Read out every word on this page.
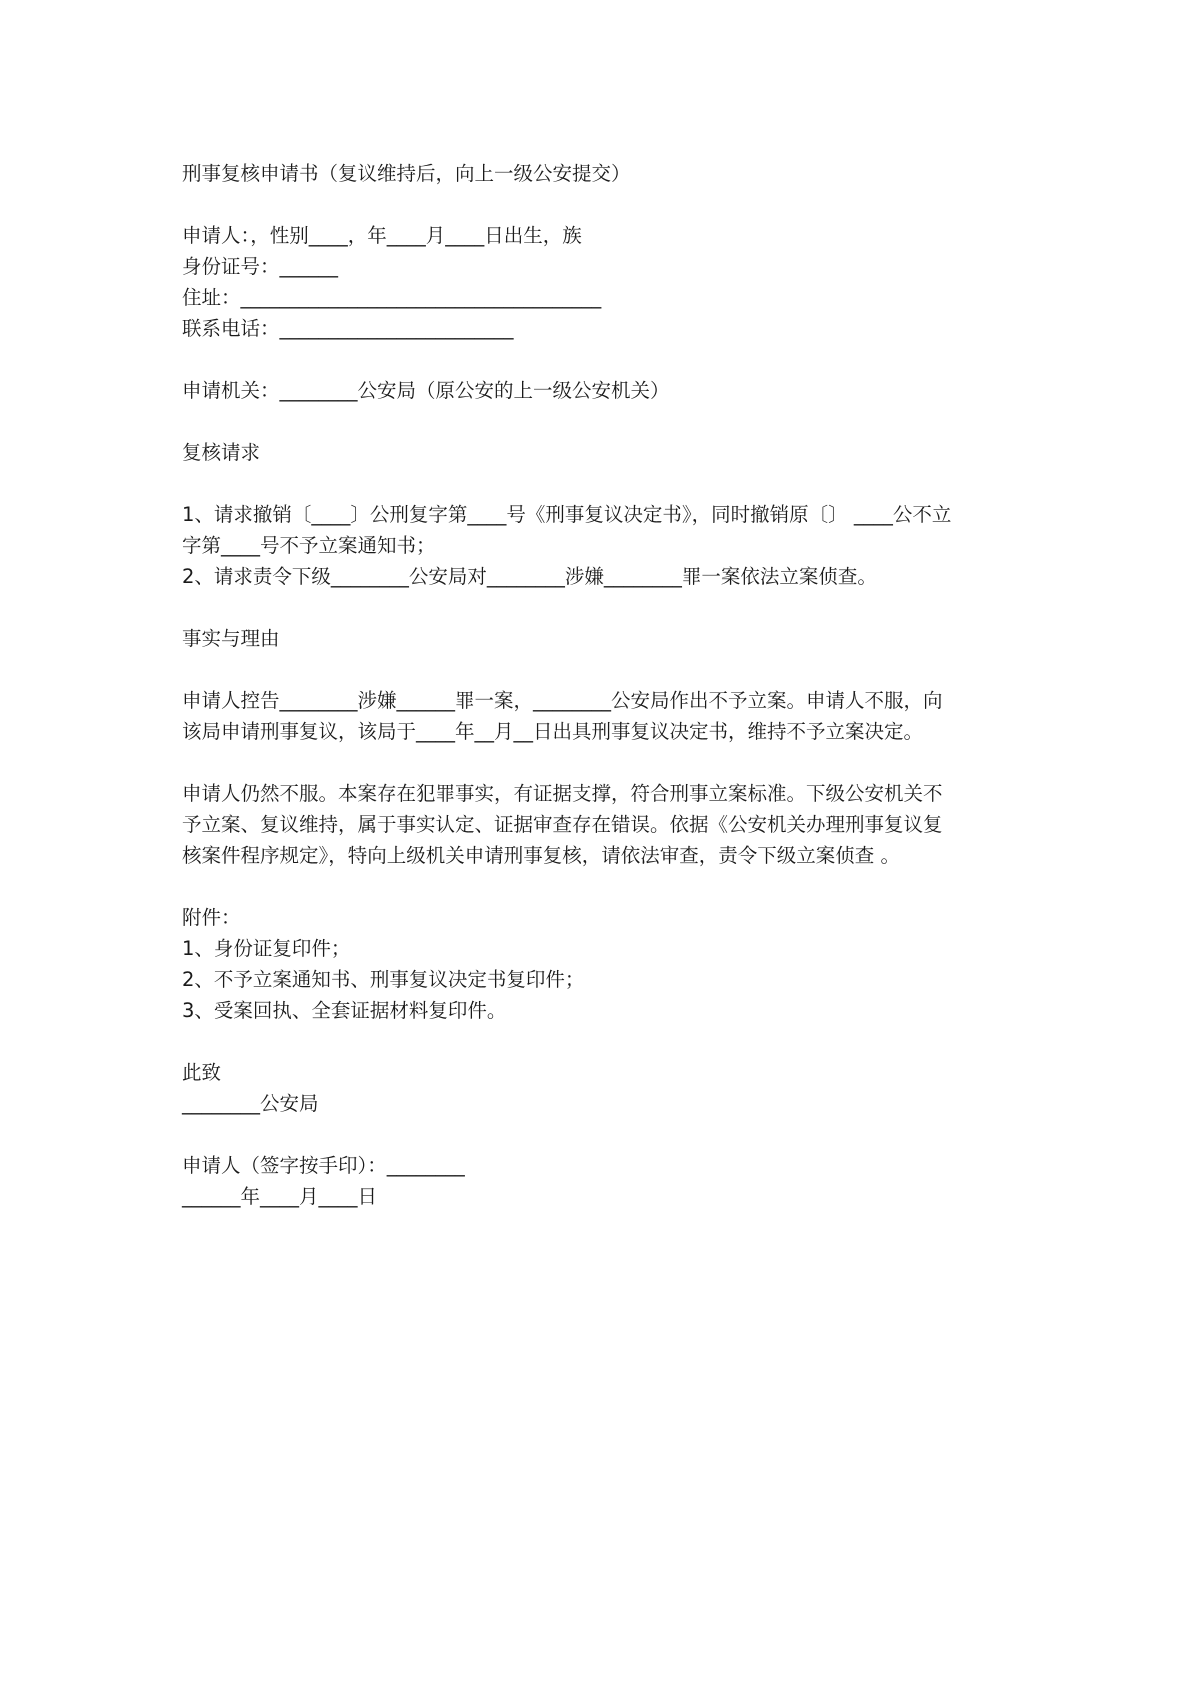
刑事复核申请书（复议维持后，向上一级公安提交）

申请人：，性别____，年____月____日出生，族

身份证号：______

住址：_____________________________________

联系电话：________________________

申请机关：________公安局（原公安的上一级公安机关）

复核请求

1、请求撤销〔____〕公刑复字第____号《刑事复议决定书》，同时撤销原〔〕 ____公不立

字第____号不予立案通知书；

2、请求责令下级________公安局对________涉嫌________罪一案依法立案侦查。

事实与理由

申请人控告________涉嫌______罪一案，________公安局作出不予立案。申请人不服，向

该局申请刑事复议，该局于____年__月__日出具刑事复议决定书，维持不予立案决定。

申请人仍然不服。本案存在犯罪事实，有证据支撑，符合刑事立案标准。下级公安机关不

予立案、复议维持，属于事实认定、证据审查存在错误。依据《公安机关办理刑事复议复

核案件程序规定》，特向上级机关申请刑事复核，请依法审查，责令下级立案侦查 。

附件：

1、身份证复印件；

2、不予立案通知书、刑事复议决定书复印件；

3、受案回执、全套证据材料复印件。

此致

________公安局

申请人（签字按手印）：________

______年____月____日
